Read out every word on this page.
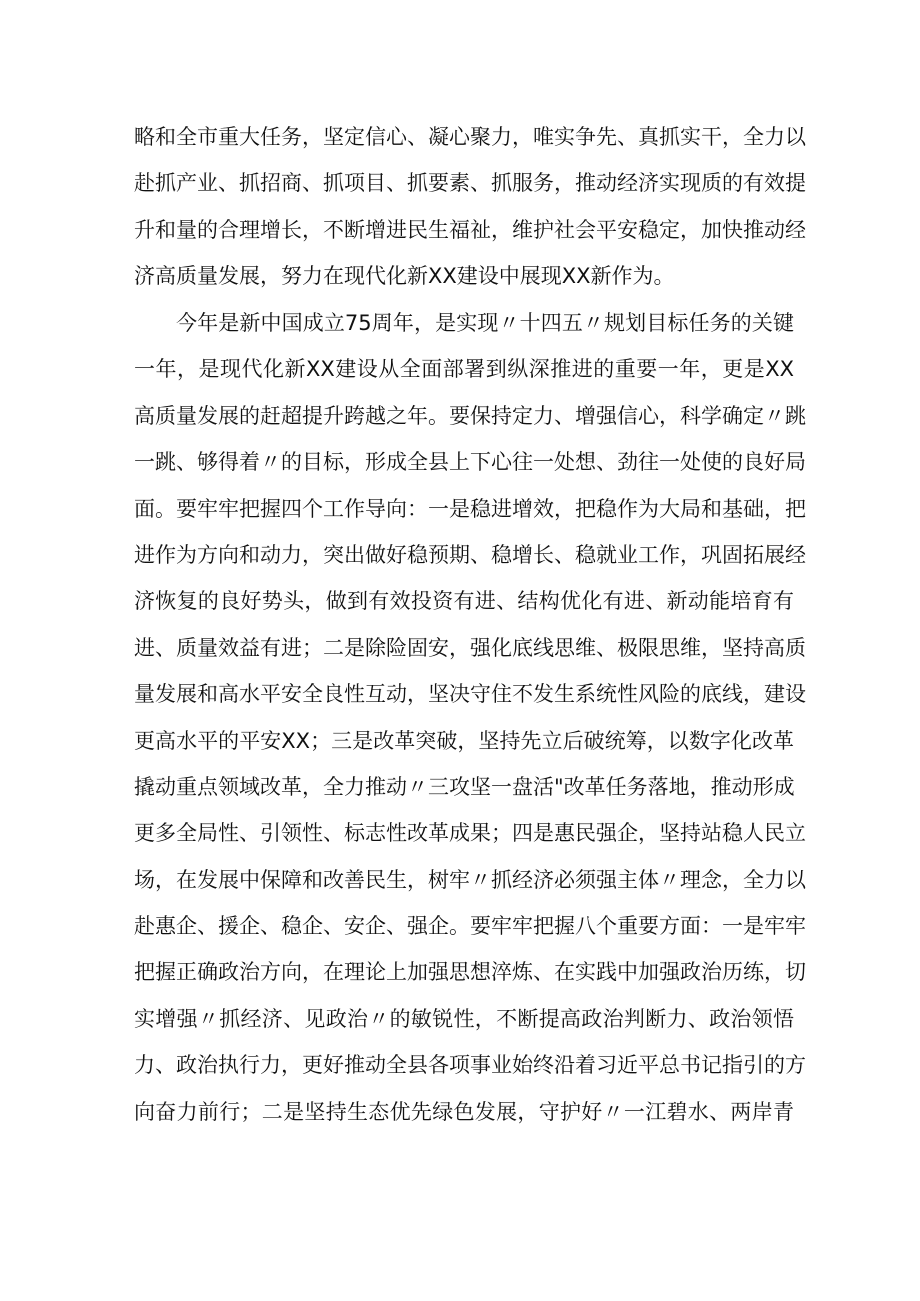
略和全市重大任务，坚定信心、凝心聚力，唯实争先、真抓实干，全力以
赴抓产业、抓招商、抓项目、抓要素、抓服务，推动经济实现质的有效提
升和量的合理增长，不断增进民生福祉，维护社会平安稳定，加快推动经
济高质量发展，努力在现代化新XX建设中展现XX新作为。
今年是新中国成立75周年，是实现〃十四五〃规划目标任务的关键
一年，是现代化新XX建设从全面部署到纵深推进的重要一年，更是XX
高质量发展的赶超提升跨越之年。要保持定力、增强信心，科学确定〃跳
一跳、够得着〃的目标，形成全县上下心往一处想、劲往一处使的良好局
面。要牢牢把握四个工作导向：一是稳进增效，把稳作为大局和基础，把
进作为方向和动力，突出做好稳预期、稳增长、稳就业工作，巩固拓展经
济恢复的良好势头，做到有效投资有进、结构优化有进、新动能培育有
进、质量效益有进；二是除险固安，强化底线思维、极限思维，坚持高质
量发展和高水平安全良性互动，坚决守住不发生系统性风险的底线，建设
更高水平的平安XX；三是改革突破，坚持先立后破统筹，以数字化改革
撬动重点领域改革，全力推动〃三攻坚一盘活"改革任务落地，推动形成
更多全局性、引领性、标志性改革成果；四是惠民强企，坚持站稳人民立
场，在发展中保障和改善民生，树牢〃抓经济必须强主体〃理念，全力以
赴惠企、援企、稳企、安企、强企。要牢牢把握八个重要方面：一是牢牢
把握正确政治方向，在理论上加强思想淬炼、在实践中加强政治历练，切
实增强〃抓经济、见政治〃的敏锐性，不断提高政治判断力、政治领悟
力、政治执行力，更好推动全县各项事业始终沿着习近平总书记指引的方
向奋力前行；二是坚持生态优先绿色发展，守护好〃一江碧水、两岸青
